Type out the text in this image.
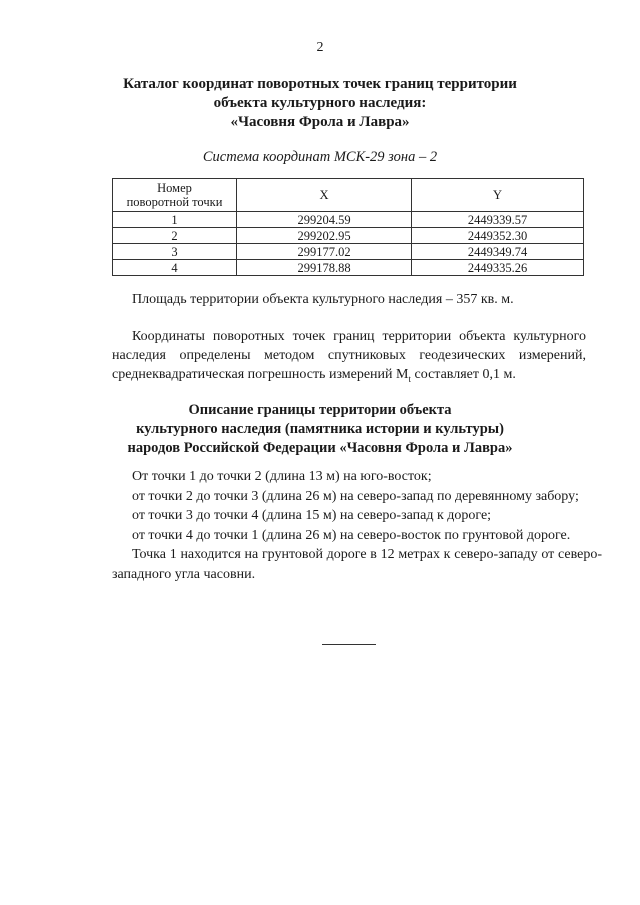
2
Каталог координат поворотных точек границ территории
объекта культурного наследия:
«Часовня Фрола и Лавра»
Система координат МСК-29 зона – 2
Номер
поворотной точки	X	Y
1	299204.59	2449339.57
2	299202.95	2449352.30
3	299177.02	2449349.74
4	299178.88	2449335.26

Площадь территории объекта культурного наследия – 357 кв. м.

Координаты поворотных точек границ территории объекта культурного наследия определены методом спутниковых геодезических измерений, среднеквадратическая погрешность измерений $M_t$ составляет 0,1 м.

Описание границы территории объекта
культурного наследия (памятника истории и культуры)
народов Российской Федерации «Часовня Фрола и Лавра»

От точки 1 до точки 2 (длина 13 м) на юго-восток;

от точки 2 до точки 3 (длина 26 м) на северо-запад по деревянному забору;

от точки 3 до точки 4 (длина 15 м) на северо-запад к дороге;

от точки 4 до точки 1 (длина 26 м) на северо-восток по грунтовой дороге.

Точка 1 находится на грунтовой дороге в 12 метрах к северо-западу от северо-западного угла часовни.
